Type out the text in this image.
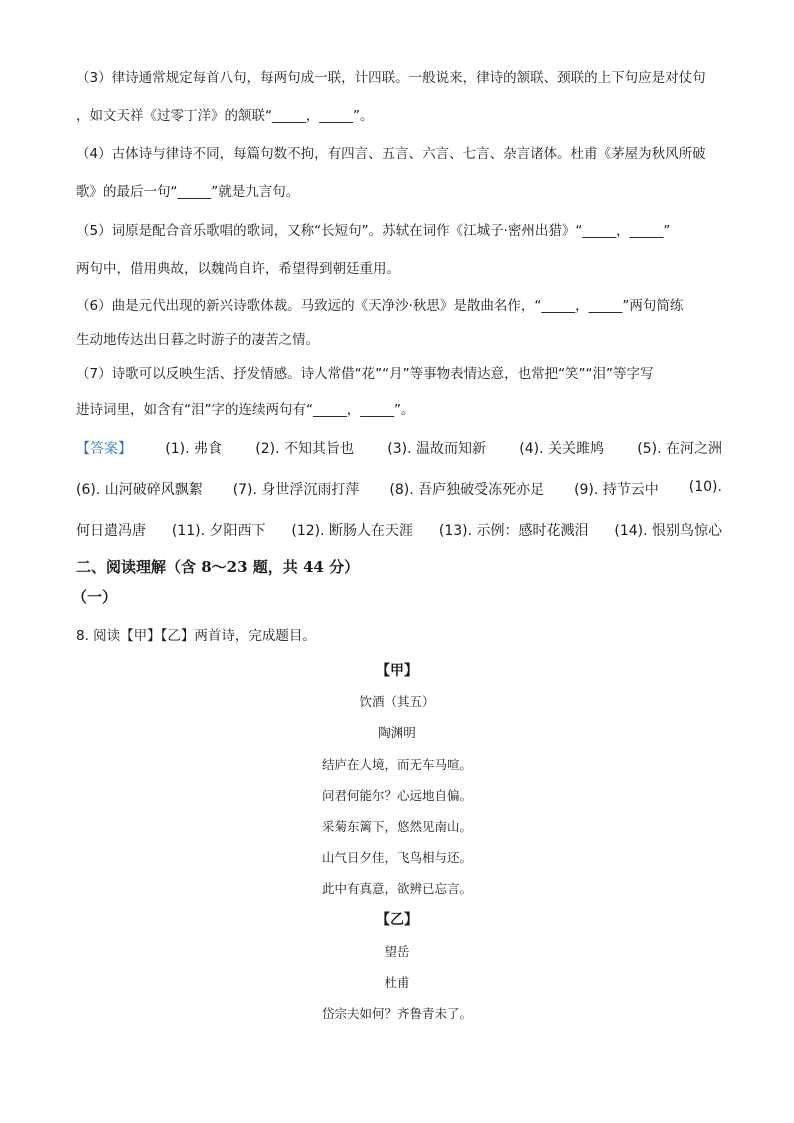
（3）律诗通常规定每首八句，每两句成一联，计四联。一般说来，律诗的颔联、颈联的上下句应是对仗句
，如文天祥《过零丁洋》的颔联“_____，_____”。
（4）古体诗与律诗不同，每篇句数不拘，有四言、五言、六言、七言、杂言诸体。杜甫《茅屋为秋风所破
歌》的最后一句“_____”就是九言句。
（5）词原是配合音乐歌唱的歌词，又称“长短句”。苏轼在词作《江城子·密州出猎》“_____，_____”
两句中，借用典故，以魏尚自许，希望得到朝廷重用。
（6）曲是元代出现的新兴诗歌体裁。马致远的《天净沙·秋思》是散曲名作，“_____，_____”两句简练
生动地传达出日暮之时游子的凄苦之情。
（7）诗歌可以反映生活、抒发情感。诗人常借“花”“月”等事物表情达意，也常把“笑”“泪”等字写
进诗词里，如含有“泪”字的连续两句有“_____，_____”。
【答案】 (1). 弗食 (2). 不知其旨也 (3). 温故而知新 (4). 关关雎鸠 (5). 在河之洲
(6). 山河破碎风飘絮 (7). 身世浮沉雨打萍 (8). 吾庐独破受冻死亦足 (9). 持节云中 (10).
何日遣冯唐 (11). 夕阳西下 (12). 断肠人在天涯 (13). 示例：感时花溅泪 (14). 恨别鸟惊心
二、阅读理解（含 8～23 题，共 44 分）
（一）
8. 阅读【甲】【乙】两首诗，完成题目。
【甲】
饮酒（其五）
陶渊明
结庐在人境，而无车马喧。
问君何能尔？心远地自偏。
采菊东篱下，悠然见南山。
山气日夕佳，飞鸟相与还。
此中有真意，欲辨已忘言。
【乙】
望岳
杜甫
岱宗夫如何？齐鲁青未了。
